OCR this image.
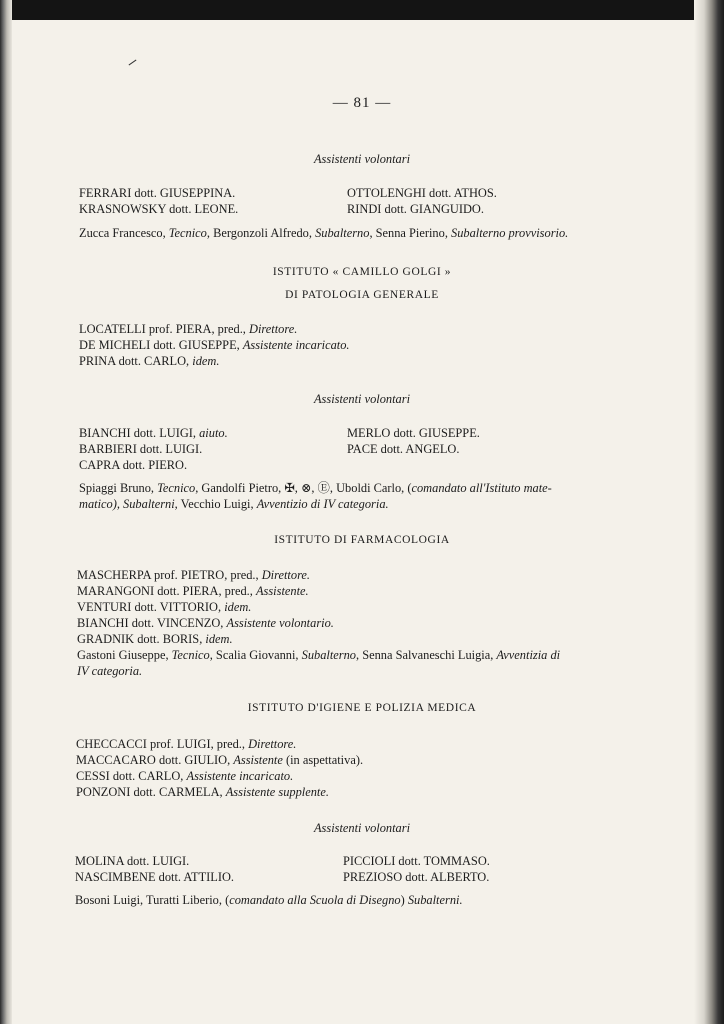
— 81 —
Assistenti volontari
FERRARI dott. GIUSEPPINA.
KRASNOWSKY dott. LEONE.
OTTOLENGHI dott. ATHOS.
RINDI dott. GIANGUIDO.
Zucca Francesco, Tecnico, Bergonzoli Alfredo, Subalterno, Senna Pierino, Subalterno provvisorio.
ISTITUTO « CAMILLO GOLGI »
DI PATOLOGIA GENERALE
LOCATELLI prof. PIERA, pred., Direttore.
DE MICHELI dott. GIUSEPPE, Assistente incaricato.
PRINA dott. CARLO, idem.
Assistenti volontari
BIANCHI dott. LUIGI, aiuto.
BARBIERI dott. LUIGI.
CAPRA dott. PIERO.
MERLO dott. GIUSEPPE.
PACE dott. ANGELO.
Spiaggi Bruno, Tecnico, Gandolfi Pietro, ✠, ⊗, Ⓔ, Uboldi Carlo, (comandato all'Istituto mate-
matico), Subalterni, Vecchio Luigi, Avventizio di IV categoria.
ISTITUTO DI FARMACOLOGIA
MASCHERPA prof. PIETRO, pred., Direttore.
MARANGONI dott. PIERA, pred., Assistente.
VENTURI dott. VITTORIO, idem.
BIANCHI dott. VINCENZO, Assistente volontario.
GRADNIK dott. BORIS, idem.
Gastoni Giuseppe, Tecnico, Scalia Giovanni, Subalterno, Senna Salvaneschi Luigia, Avventizia di
IV categoria.
ISTITUTO D'IGIENE E POLIZIA MEDICA
CHECCACCI prof. LUIGI, pred., Direttore.
MACCACARO dott. GIULIO, Assistente (in aspettativa).
CESSI dott. CARLO, Assistente incaricato.
PONZONI dott. CARMELA, Assistente supplente.
Assistenti volontari
MOLINA dott. LUIGI.
NASCIMBENE dott. ATTILIO.
PICCIOLI dott. TOMMASO.
PREZIOSO dott. ALBERTO.
Bosoni Luigi, Turatti Liberio, (comandato alla Scuola di Disegno) Subalterni.
